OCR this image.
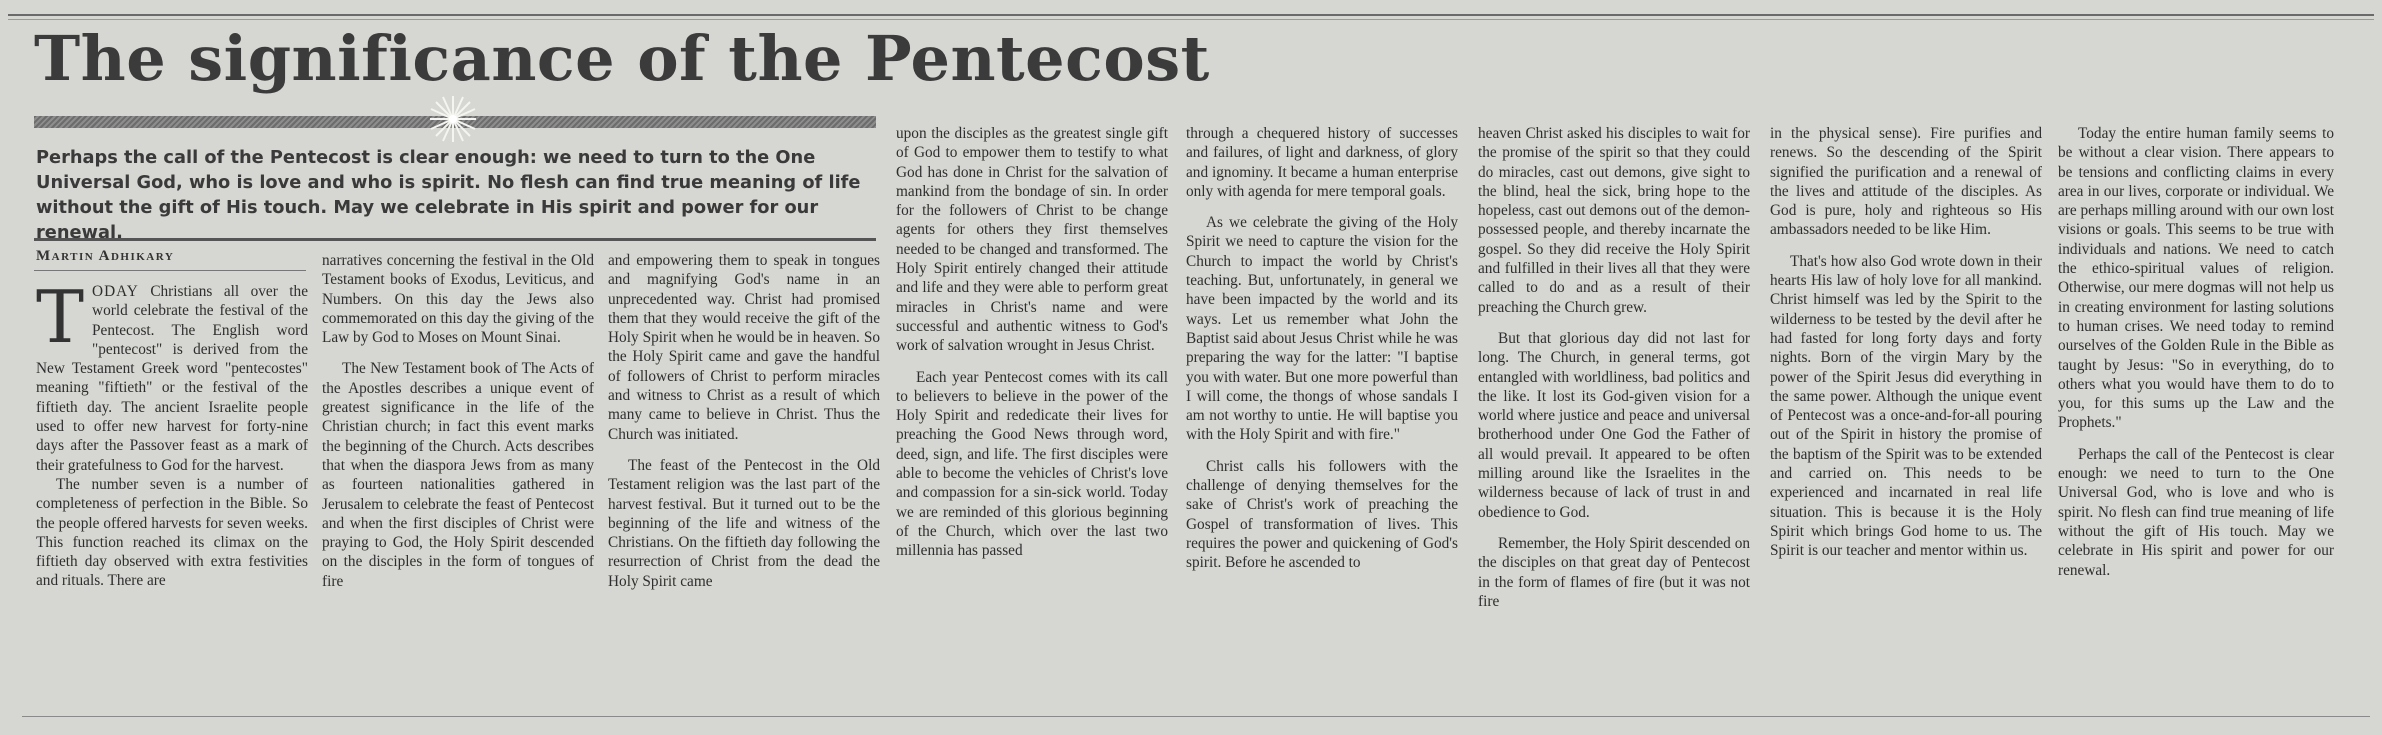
The significance of the Pentecost

Perhaps the call of the Pentecost is clear enough: we need to turn to the One Universal God, who is love and who is spirit. No flesh can find true meaning of life without the gift of His touch. May we celebrate in His spirit and power for our renewal.

Martin Adhikary

TODAY Christians all over the world celebrate the festival of the Pentecost. The English word "pentecost" is derived from the New Testament Greek word "pentecostes" meaning "fiftieth" or the festival of the fiftieth day. The ancient Israelite people used to offer new harvest for forty-nine days after the Passover feast as a mark of their gratefulness to God for the harvest.

The number seven is a number of completeness of perfection in the Bible. So the people offered harvests for seven weeks. This function reached its climax on the fiftieth day observed with extra festivities and rituals. There are

narratives concerning the festival in the Old Testament books of Exodus, Leviticus, and Numbers. On this day the Jews also commemorated on this day the giving of the Law by God to Moses on Mount Sinai.

The New Testament book of The Acts of the Apostles describes a unique event of greatest significance in the life of the Christian church; in fact this event marks the beginning of the Church. Acts describes that when the diaspora Jews from as many as fourteen nationalities gathered in Jerusalem to celebrate the feast of Pentecost and when the first disciples of Christ were praying to God, the Holy Spirit descended on the disciples in the form of tongues of fire

and empowering them to speak in tongues and magnifying God's name in an unprecedented way. Christ had promised them that they would receive the gift of the Holy Spirit when he would be in heaven. So the Holy Spirit came and gave the handful of followers of Christ to perform miracles and witness to Christ as a result of which many came to believe in Christ. Thus the Church was initiated.

The feast of the Pentecost in the Old Testament religion was the last part of the harvest festival. But it turned out to be the beginning of the life and witness of the Christians. On the fiftieth day following the resurrection of Christ from the dead the Holy Spirit came

upon the disciples as the greatest single gift of God to empower them to testify to what God has done in Christ for the salvation of mankind from the bondage of sin. In order for the followers of Christ to be change agents for others they first themselves needed to be changed and transformed. The Holy Spirit entirely changed their attitude and life and they were able to perform great miracles in Christ's name and were successful and authentic witness to God's work of salvation wrought in Jesus Christ.

Each year Pentecost comes with its call to believers to believe in the power of the Holy Spirit and rededicate their lives for preaching the Good News through word, deed, sign, and life. The first disciples were able to become the vehicles of Christ's love and compassion for a sin-sick world. Today we are reminded of this glorious beginning of the Church, which over the last two millennia has passed

through a chequered history of successes and failures, of light and darkness, of glory and ignominy. It became a human enterprise only with agenda for mere temporal goals.

As we celebrate the giving of the Holy Spirit we need to capture the vision for the Church to impact the world by Christ's teaching. But, unfortunately, in general we have been impacted by the world and its ways. Let us remember what John the Baptist said about Jesus Christ while he was preparing the way for the latter: "I baptise you with water. But one more powerful than I will come, the thongs of whose sandals I am not worthy to untie. He will baptise you with the Holy Spirit and with fire."

Christ calls his followers with the challenge of denying themselves for the sake of Christ's work of preaching the Gospel of transformation of lives. This requires the power and quickening of God's spirit. Before he ascended to

heaven Christ asked his disciples to wait for the promise of the spirit so that they could do miracles, cast out demons, give sight to the blind, heal the sick, bring hope to the hopeless, cast out demons out of the demon-possessed people, and thereby incarnate the gospel. So they did receive the Holy Spirit and fulfilled in their lives all that they were called to do and as a result of their preaching the Church grew.

But that glorious day did not last for long. The Church, in general terms, got entangled with worldliness, bad politics and the like. It lost its God-given vision for a world where justice and peace and universal brotherhood under One God the Father of all would prevail. It appeared to be often milling around like the Israelites in the wilderness because of lack of trust in and obedience to God.

Remember, the Holy Spirit descended on the disciples on that great day of Pentecost in the form of flames of fire (but it was not fire

in the physical sense). Fire purifies and renews. So the descending of the Spirit signified the purification and a renewal of the lives and attitude of the disciples. As God is pure, holy and righteous so His ambassadors needed to be like Him.

That's how also God wrote down in their hearts His law of holy love for all mankind. Christ himself was led by the Spirit to the wilderness to be tested by the devil after he had fasted for long forty days and forty nights. Born of the virgin Mary by the power of the Spirit Jesus did everything in the same power. Although the unique event of Pentecost was a once-and-for-all pouring out of the Spirit in history the promise of the baptism of the Spirit was to be extended and carried on. This needs to be experienced and incarnated in real life situation. This is because it is the Holy Spirit which brings God home to us. The Spirit is our teacher and mentor within us.

Today the entire human family seems to be without a clear vision. There appears to be tensions and conflicting claims in every area in our lives, corporate or individual. We are perhaps milling around with our own lost visions or goals. This seems to be true with individuals and nations. We need to catch the ethico-spiritual values of religion. Otherwise, our mere dogmas will not help us in creating environment for lasting solutions to human crises. We need today to remind ourselves of the Golden Rule in the Bible as taught by Jesus: "So in everything, do to others what you would have them to do to you, for this sums up the Law and the Prophets."

Perhaps the call of the Pentecost is clear enough: we need to turn to the One Universal God, who is love and who is spirit. No flesh can find true meaning of life without the gift of His touch. May we celebrate in His spirit and power for our renewal.
